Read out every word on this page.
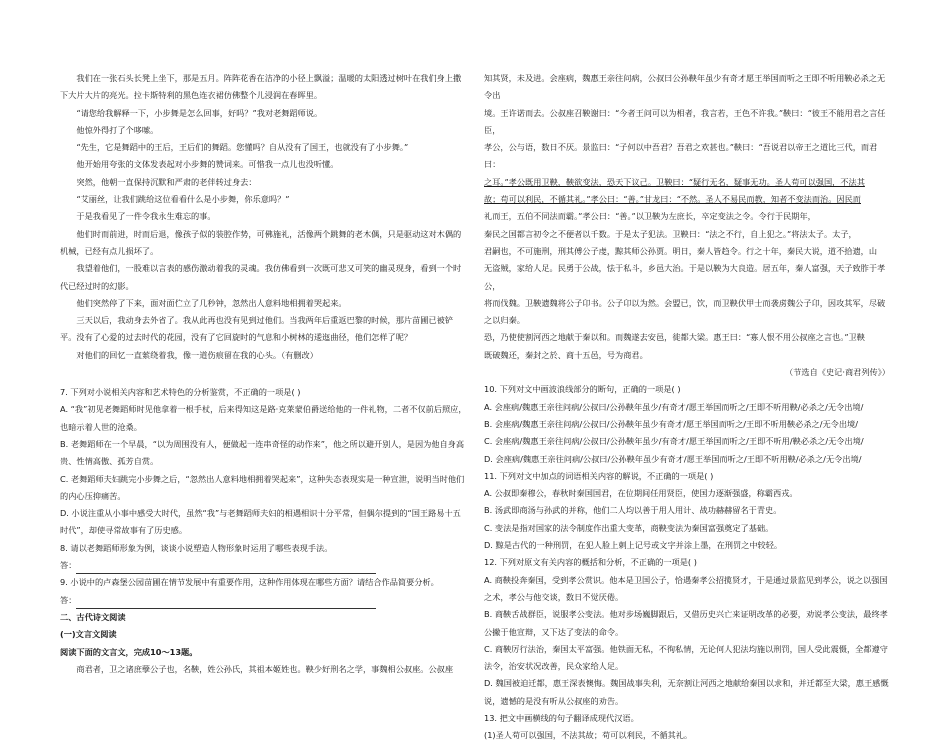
我们在一张石头长凳上坐下，那是五月。阵阵花香在洁净的小径上飘溢；温暖的太阳透过树叶在我们身上撒下大片大片的亮光。拉卡斯特利的黑色连衣裙仿佛整个儿浸润在春晖里。

“请您给我解释一下，小步舞是怎么回事，好吗？”我对老舞蹈师说。

他惊外得打了个哆嗦。

“先生，它是舞蹈中的王后，王后们的舞蹈。您懂吗？自从没有了国王，也就没有了小步舞。”

他开始用夸张的文体发表起对小步舞的赞词来。可惜我一点儿也没听懂。

突然，他朝一直保持沉默和严肃的老伴转过身去：

“艾丽丝，让我们跳给这位看看什么是小步舞，你乐意吗？”

于是我看见了一件令我永生难忘的事。

他们时而前进，时而后退，像孩子似的装腔作势，可佛施礼，活像两个跳舞的老木偶，只是驱动这对木偶的机械，已经有点儿损坏了。

我望着他们，一股难以言表的感伤激动着我的灵魂。我仿佛看到一次既可悲又可笑的幽灵现身，看到一个时代已经过时的幻影。

他们突然停了下来，面对面伫立了几秒钟，忽然出人意料地相拥着哭起来。

三天以后，我动身去外省了。我从此再也没有见到过他们。当我两年后重返巴黎的时候，那片苗圃已被铲平。没有了心爱的过去时代的花园，没有了它回旋时的气息和小树林的逶迤曲径，他们怎样了呢？

对他们的回忆一直萦绕着我，像一道伤痕留在我的心头。（有删改）

7. 下列对小说相关内容和艺术特色的分析鉴赏，不正确的一项是( )

A. “我”初见老舞蹈师时见他拿着一根手杖，后来得知这是路·克莱蒙伯爵送给他的一件礼物，二者不仅前后照应，也暗示着人世的沧桑。

B. 老舞蹈师在一个早晨，“以为周围没有人，便做起一连串奇怪的动作来”，他之所以避开别人，是因为他自身高贵、性情高傲、孤芳自赏。

C. 老舞蹈师夫妇跳完小步舞之后，“忽然出人意料地相拥着哭起来”，这种失态表现实是一种宣泄，说明当时他们的内心压抑痛苦。

D. 小说注重从小事中感受大时代，虽然“我”与老舞蹈师夫妇的相遇相识十分平常，但偶尔提到的“国王路易十五时代”，却使寻常故事有了历史感。

8. 请以老舞蹈师形象为例，谈谈小说塑造人物形象时运用了哪些表现手法。

答：

9. 小说中的卢森堡公园苗圃在情节发展中有重要作用，这种作用体现在哪些方面？请结合作品简要分析。

答：

二、古代诗文阅读

(一)文言文阅读

阅读下面的文言文，完成10～13题。

商君者，卫之诸庶孽公子也，名鞅，姓公孙氏，其祖本姬姓也。鞅少好刑名之学，事魏相公叔座。公叔座

知其贤，未及进。会座病，魏惠王亲往问病，公叔曰公孙鞅年虽少有奇才愿王举国而听之王即不听用鞅必杀之无令出

境。王许诺而去。公叔座召鞅谢曰：“今者王问可以为相者，我言若，王色不许我。”鞅曰：“彼王不能用君之言任臣，

孝公，公与语，数日不厌。景监曰：“子何以中吾君？吾君之欢甚也。”鞅曰：“吾说君以帝王之道比三代，而君曰：

之耳。”孝公既用卫鞅，鞅欲变法，恐天下议己。卫鞅曰：“疑行无名，疑事无功。圣人苟可以强国，不法其

故；苟可以利民，不循其礼。”孝公曰：“善。”甘龙曰：“不然。圣人不易民而教，知者不变法而治。因民而

礼而王，五伯不同法而霸。”孝公曰：“善。”以卫鞅为左庶长，卒定变法之令。令行于民期年，

秦民之国都言初令之不便者以千数。于是太子犯法。卫鞅曰：“法之不行，自上犯之。”将法太子。太子，

君嗣也，不可施刑，刑其傅公子虔，黥其师公孙贾。明日，秦人皆趋令。行之十年，秦民大说，道不拾遗，山

无盗贼，家给人足。民勇于公战，怯于私斗，乡邑大治。于是以鞅为大良造。居五年，秦人富强，天子致胙于孝公，

将而伐魏。卫鞅遗魏将公子卬书。公子卬以为然。会盟已，饮，而卫鞅伏甲士而袭虏魏公子卬，因攻其军，尽破之以归秦。

恐，乃使使割河西之地献于秦以和。而魏遂去安邑，徙都大梁。惠王曰：“寡人恨不用公叔座之言也。”卫鞅

既破魏还，秦封之於、商十五邑，号为商君。

（节选自《史记·商君列传》）

10. 下列对文中画波浪线部分的断句，正确的一项是( )

A. 会座病/魏惠王亲往问病/公叔曰/公孙鞅年虽少/有奇才/愿王举国而听之/王即不听用鞅/必杀之/无令出境/

B. 会座病/魏惠王亲往问病/公叔曰/公孙鞅年虽少有奇才/愿王举国而听之/王即不听用鞅必杀之/无令出境/

C. 会座病/魏惠王亲往问病/公叔曰/公孙鞅年虽少/有奇才/愿王举国而听之/王即不听用/鞅必杀之/无令出境/

D. 会座病/魏惠王亲往问病/公叔曰/公孙鞅年虽少有奇才/愿王举国而听之/王即不听用鞅/必杀之/无令出境/

11. 下列对文中加点的词语相关内容的解说，不正确的一项是( )

A. 公叔即秦穆公，春秋时秦国国君，在位期间任用贤臣，使国力逐渐强盛，称霸西戎。

B. 汤武即商汤与孙武的并称，他们二人均以善于用人用计、战功赫赫留名于青史。

C. 变法是指对国家的法令制度作出重大变革，商鞅变法为秦国富强奠定了基础。

D. 黥是古代的一种刑罚，在犯人脸上刺上记号或文字并涂上墨，在刑罚之中较轻。

12. 下列对原文有关内容的概括和分析，不正确的一项是( )

A. 商鞅投奔秦国，受到孝公赏识。他本是卫国公子，恰遇秦孝公招揽贤才，于是通过景监见到孝公，说之以强国之术，孝公与他交谈，数日不觉厌倦。

B. 商鞅舌战群臣，说服孝公变法。他对步场巍脚跟后，又借历史兴亡来证明改革的必要，劝说孝公变法，最终孝公撇于他宣辩，又下达了变法的命令。

C. 商鞅厉行法治，秦国太平富强。他铁面无私，不徇私情，无论何人犯法均施以刑罚，国人受此震慑，全都遵守法令，治安状况改善，民众家给人足。

D. 魏国被迫迁都，惠王深表懊悔。魏国战事失利，无奈割让河西之地献给秦国以求和，并迁都至大梁，惠王感慨说，遗憾的是没有听从公叔座的劝告。

13. 把文中画横线的句子翻译成现代汉语。

(1)圣人苟可以强国，不法其故；苟可以利民，不循其礼。
